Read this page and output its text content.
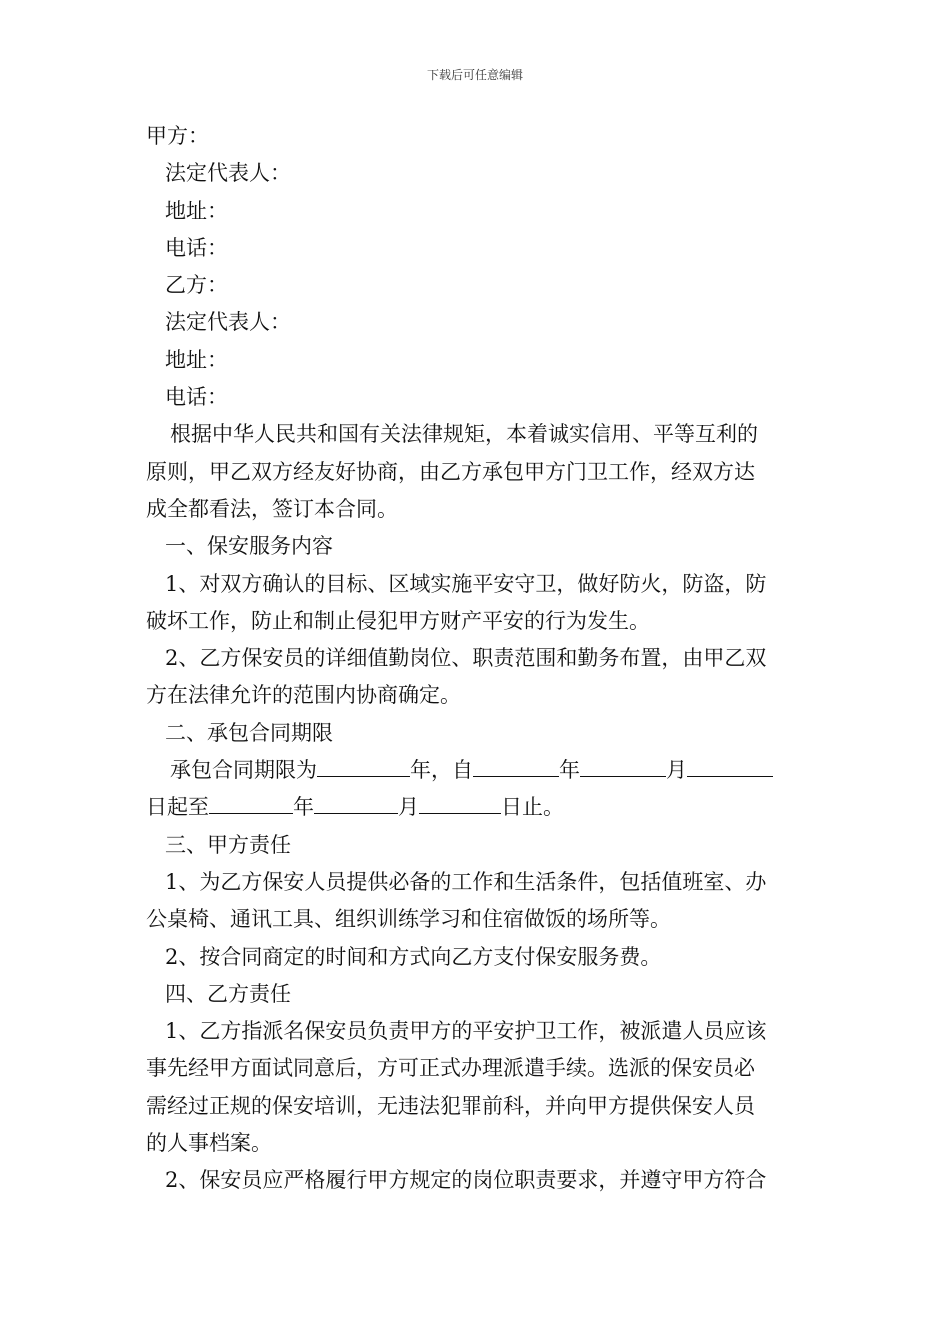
下载后可任意编辑

甲方：

法定代表人：

地址：

电话：

乙方：

法定代表人：

地址：

电话：

根据中华人民共和国有关法律规矩，本着诚实信用、平等互利的

原则，甲乙双方经友好协商，由乙方承包甲方门卫工作，经双方达

成全都看法，签订本合同。

一、保安服务内容

1、对双方确认的目标、区域实施平安守卫，做好防火，防盗，防

破坏工作，防止和制止侵犯甲方财产平安的行为发生。

2、乙方保安员的详细值勤岗位、职责范围和勤务布置，由甲乙双

方在法律允许的范围内协商确定。

二、承包合同期限

承包合同期限为	年，自	年	月

日起至	年	月	日止。

三、甲方责任

1、为乙方保安人员提供必备的工作和生活条件，包括值班室、办

公桌椅、通讯工具、组织训练学习和住宿做饭的场所等。

2、按合同商定的时间和方式向乙方支付保安服务费。

四、乙方责任

1、乙方指派名保安员负责甲方的平安护卫工作，被派遣人员应该

事先经甲方面试同意后，方可正式办理派遣手续。选派的保安员必

需经过正规的保安培训，无违法犯罪前科，并向甲方提供保安人员

的人事档案。

2、保安员应严格履行甲方规定的岗位职责要求，并遵守甲方符合
